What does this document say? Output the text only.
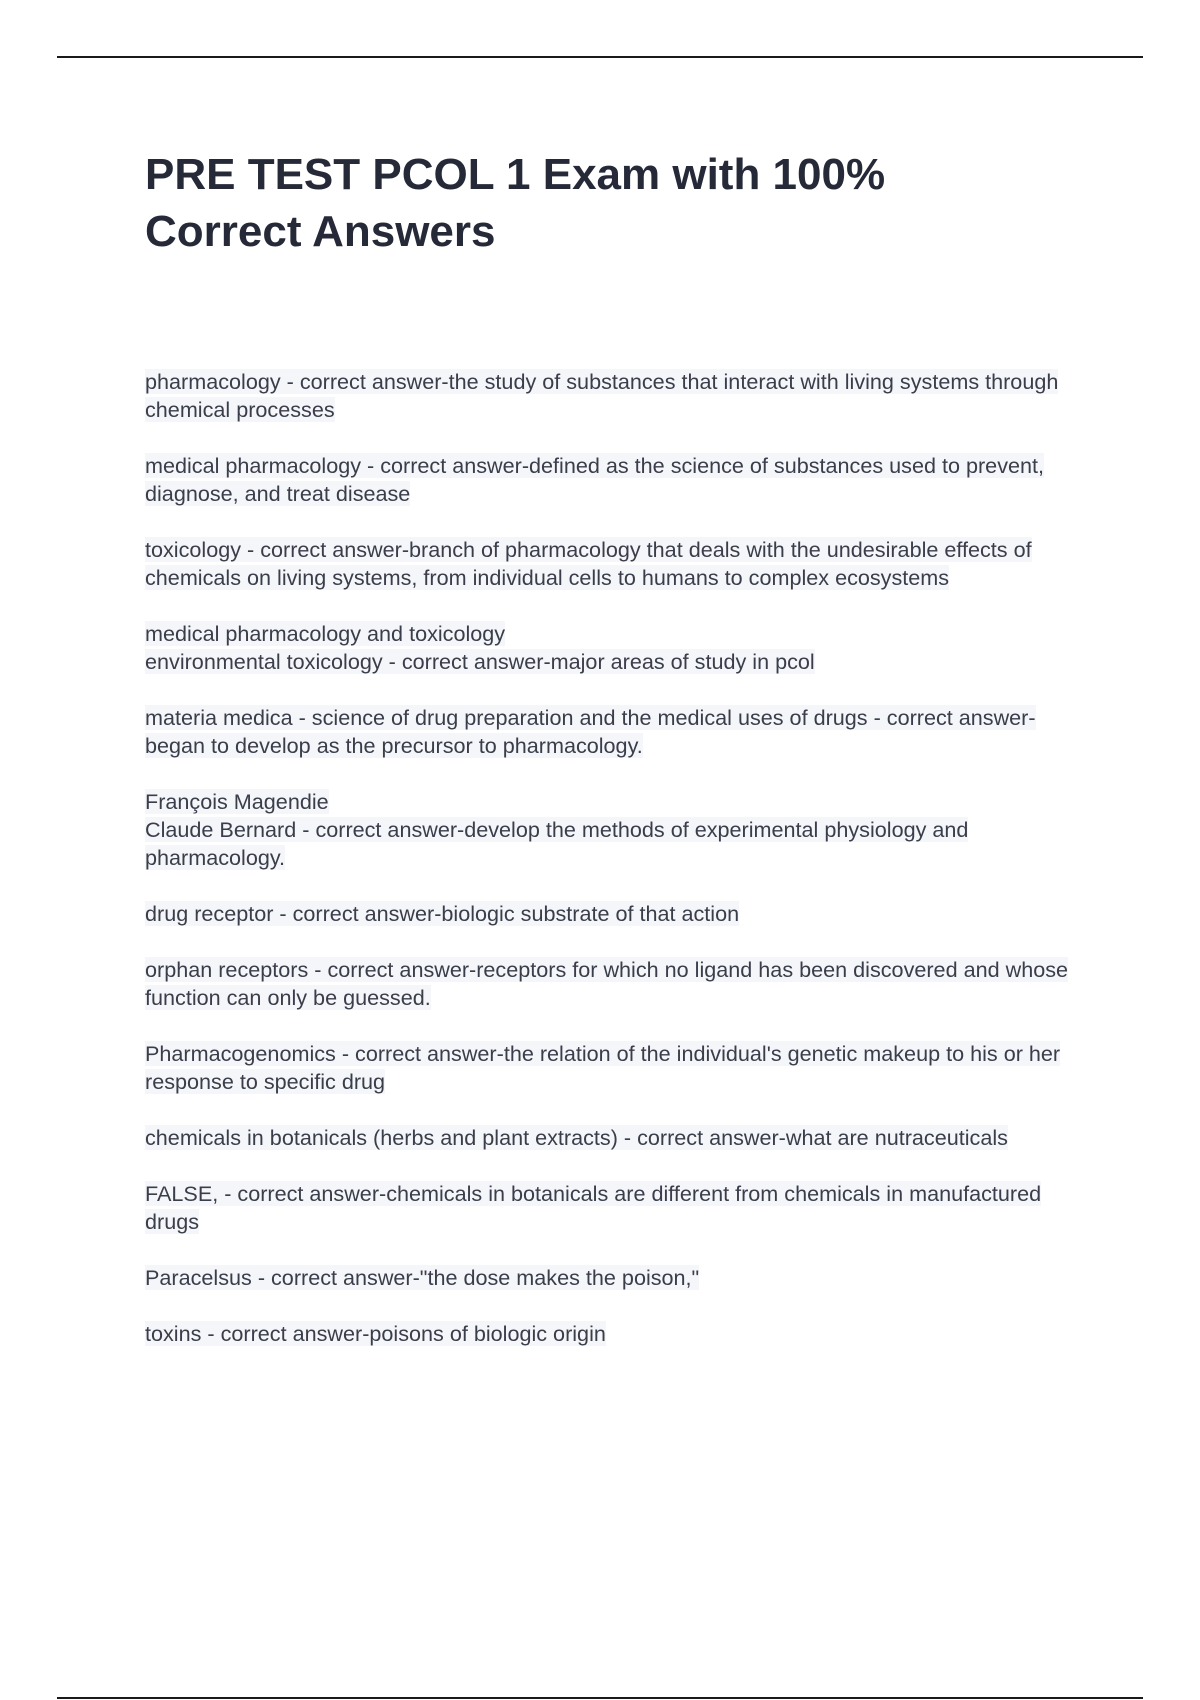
PRE TEST PCOL 1 Exam with 100%
Correct Answers

pharmacology - correct answer-the study of substances that interact with living systems through chemical processes

medical pharmacology - correct answer-defined as the science of substances used to prevent, diagnose, and treat disease

toxicology - correct answer-branch of pharmacology that deals with the undesirable effects of chemicals on living systems, from individual cells to humans to complex ecosystems

medical pharmacology and toxicology
environmental toxicology - correct answer-major areas of study in pcol

materia medica - science of drug preparation and the medical uses of drugs - correct answer-began to develop as the precursor to pharmacology.

François Magendie
Claude Bernard - correct answer-develop the methods of experimental physiology and pharmacology.

drug receptor - correct answer-biologic substrate of that action

orphan receptors - correct answer-receptors for which no ligand has been discovered and whose function can only be guessed.

Pharmacogenomics - correct answer-the relation of the individual's genetic makeup to his or her response to specific drug

chemicals in botanicals (herbs and plant extracts) - correct answer-what are nutraceuticals

FALSE, - correct answer-chemicals in botanicals are different from chemicals in manufactured drugs

Paracelsus - correct answer-"the dose makes the poison,"

toxins - correct answer-poisons of biologic origin
